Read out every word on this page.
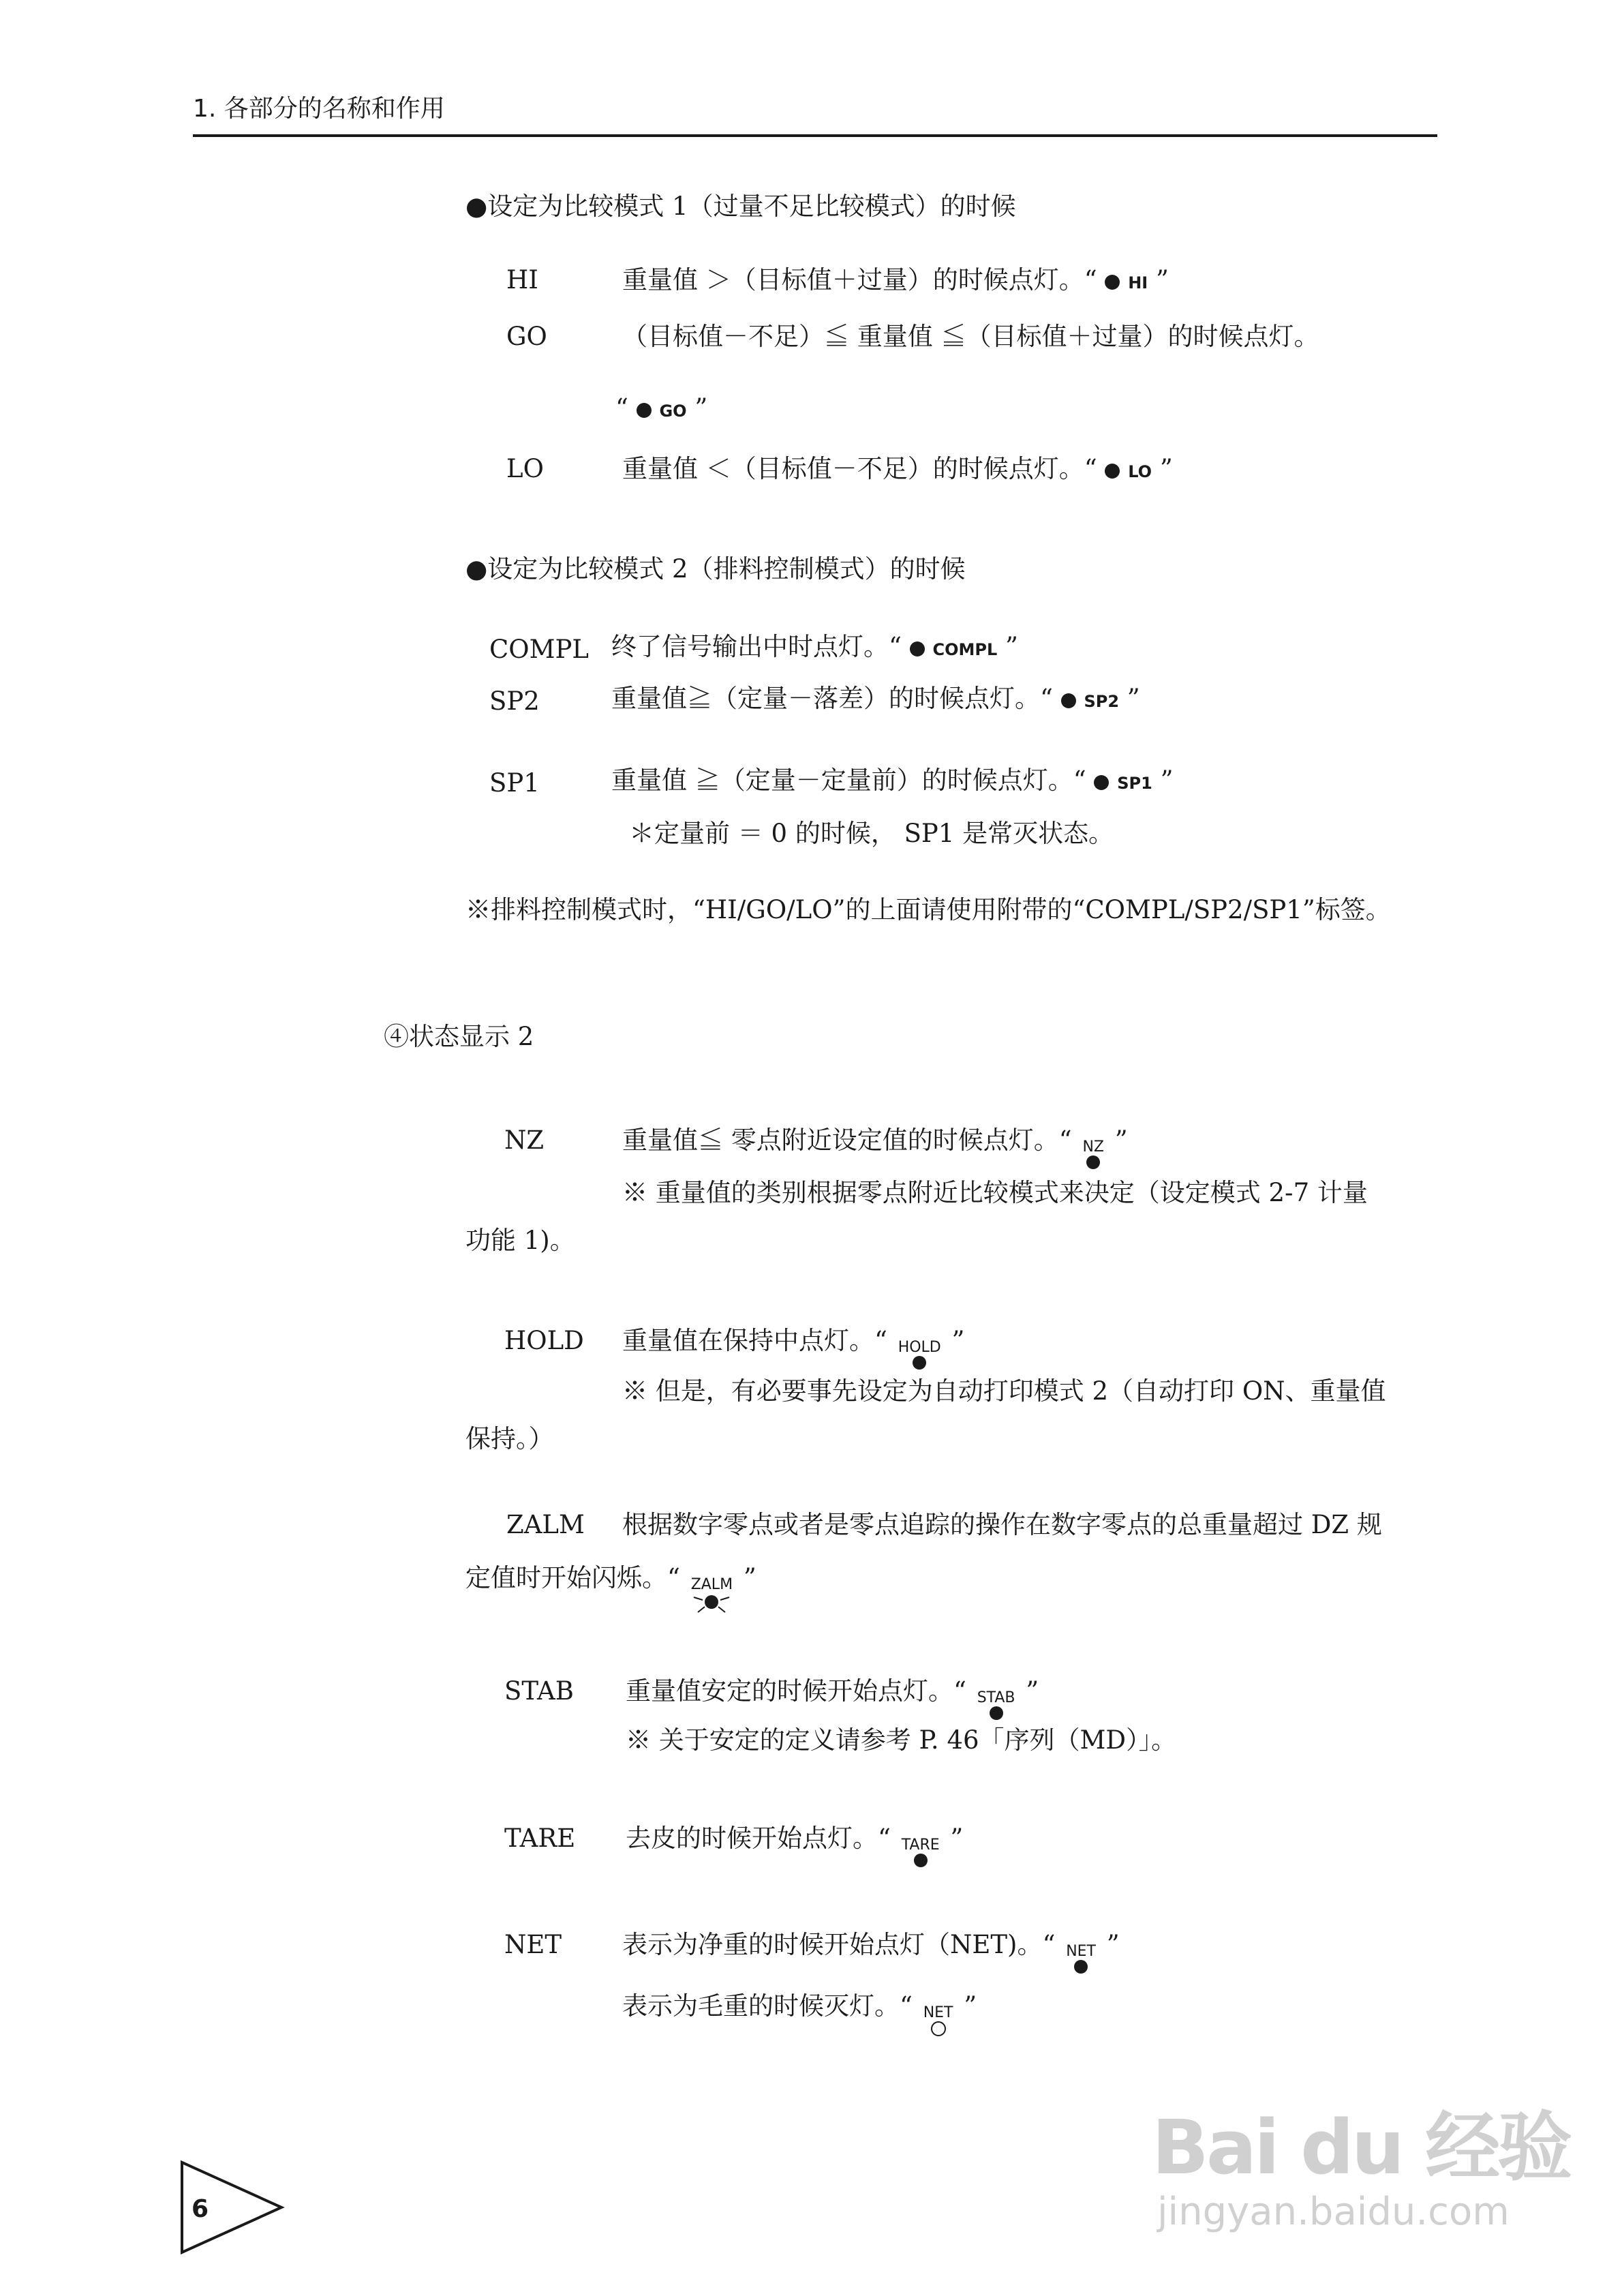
1. 各部分的名称和作用
●设定为比较模式 1（过量不足比较模式）的时候
HI	重量值 ＞（目标值＋过量）的时候点灯。“ HI ”
GO	（目标值－不足）≦ 重量值 ≦（目标值＋过量）的时候点灯。
“ GO ”
LO	重量值 ＜（目标值－不足）的时候点灯。“ LO ”
●设定为比较模式 2（排料控制模式）的时候
COMPL 终了信号输出中时点灯。“ COMPL ”
SP2	重量值≧（定量－落差）的时候点灯。“ SP2 ”
SP1	重量值 ≧（定量－定量前）的时候点灯。“ SP1 ”
＊定量前 ＝ 0 的时候， SP1 是常灭状态。
※排料控制模式时，“HI/GO/LO”的上面请使用附带的“COMPL/SP2/SP1”标签。
④状态显示 2
NZ	重量值≦ 零点附近设定值的时候点灯。“ NZ ”
※ 重量值的类别根据零点附近比较模式来决定（设定模式 2-7 计量
功能 1)。
HOLD 重量值在保持中点灯。“ HOLD ”
※ 但是，有必要事先设定为自动打印模式 2（自动打印 ON、重量值
保持。）
ZALM 根据数字零点或者是零点追踪的操作在数字零点的总重量超过 DZ 规
定值时开始闪烁。“ ZALM ”
STAB 重量值安定的时候开始点灯。“ STAB ”
※ 关于安定的定义请参考 P. 46「序列（MD）」。
TARE 去皮的时候开始点灯。“ TARE ”
NET 表示为净重的时候开始点灯（NET)。“ NET ”
表示为毛重的时候灭灯。“ NET ”
6
Bai du 经验
jingyan.baidu.com
